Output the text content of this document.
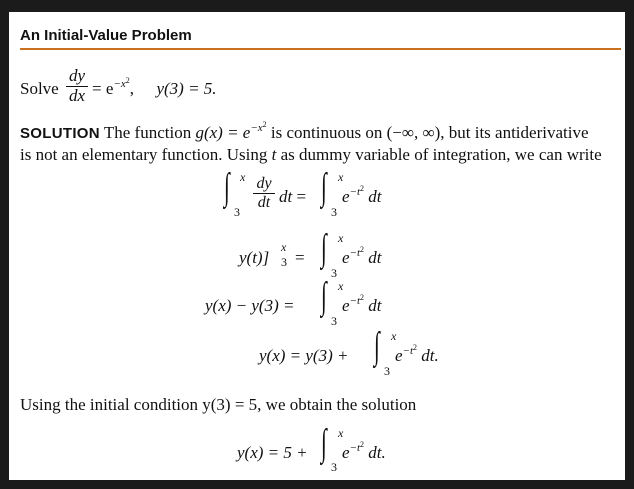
An Initial-Value Problem
Solve
dy
dx = $e^{-x^2}$, y(3) = 5.
SOLUTION The function $g(x) = e^{-x^2}$ is continuous on (−∞, ∞), but its antiderivative
is not an elementary function. Using t as dummy variable of integration, we can write
∫ x
3
dy
dt dt = ∫ x
3
$e^{-t^2}$ dt
y(t)]
x
3 = ∫ x
3
$e^{-t^2}$ dt
y(x) − y(3) = ∫ x
3
$e^{-t^2}$ dt
y(x) = y(3) + ∫ x
3
$e^{-t^2}$ dt.
Using the initial condition y(3) = 5, we obtain the solution
y(x) = 5 + ∫ x
3
$e^{-t^2}$ dt.
